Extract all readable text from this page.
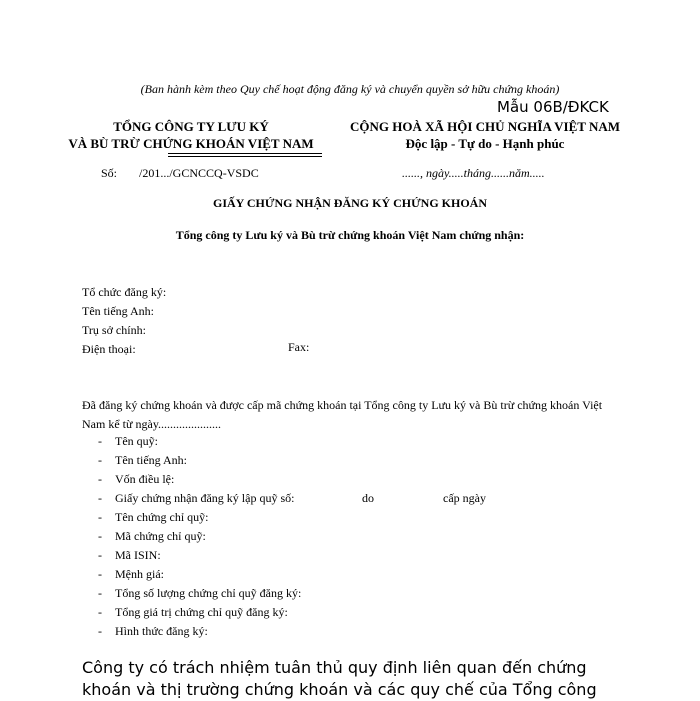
(Ban hành kèm theo Quy chế hoạt động đăng ký và chuyển quyền sở hữu chứng khoán)
Mẫu 06B/ĐKCK
TỔNG CÔNG TY LƯU KÝ
VÀ BÙ TRỪ CHỨNG KHOÁN VIỆT NAM
CỘNG HOÀ XÃ HỘI CHỦ NGHĨA VIỆT NAM
Độc lập - Tự do - Hạnh phúc
Số: /201.../GCNCCQ-VSDC	......, ngày.....tháng......năm.....
GIẤY CHỨNG NHẬN ĐĂNG KÝ CHỨNG KHOÁN
Tổng công ty Lưu ký và Bù trừ chứng khoán Việt Nam chứng nhận:
Tổ chức đăng ký:
Tên tiếng Anh:
Trụ sở chính:
Điện thoại:	Fax:
Đã đăng ký chứng khoán và được cấp mã chứng khoán tại Tổng công ty Lưu ký và Bù trừ chứng khoán Việt Nam kể từ ngày.....................
- Tên quỹ:
- Tên tiếng Anh:
- Vốn điều lệ:
- Giấy chứng nhận đăng ký lập quỹ số:	do	cấp ngày
- Tên chứng chỉ quỹ:
- Mã chứng chỉ quỹ:
- Mã ISIN:
- Mệnh giá:
- Tổng số lượng chứng chỉ quỹ đăng ký:
- Tổng giá trị chứng chỉ quỹ đăng ký:
- Hình thức đăng ký:
Công ty có trách nhiệm tuân thủ quy định liên quan đến chứng khoán và thị trường chứng khoán và các quy chế của Tổng công
